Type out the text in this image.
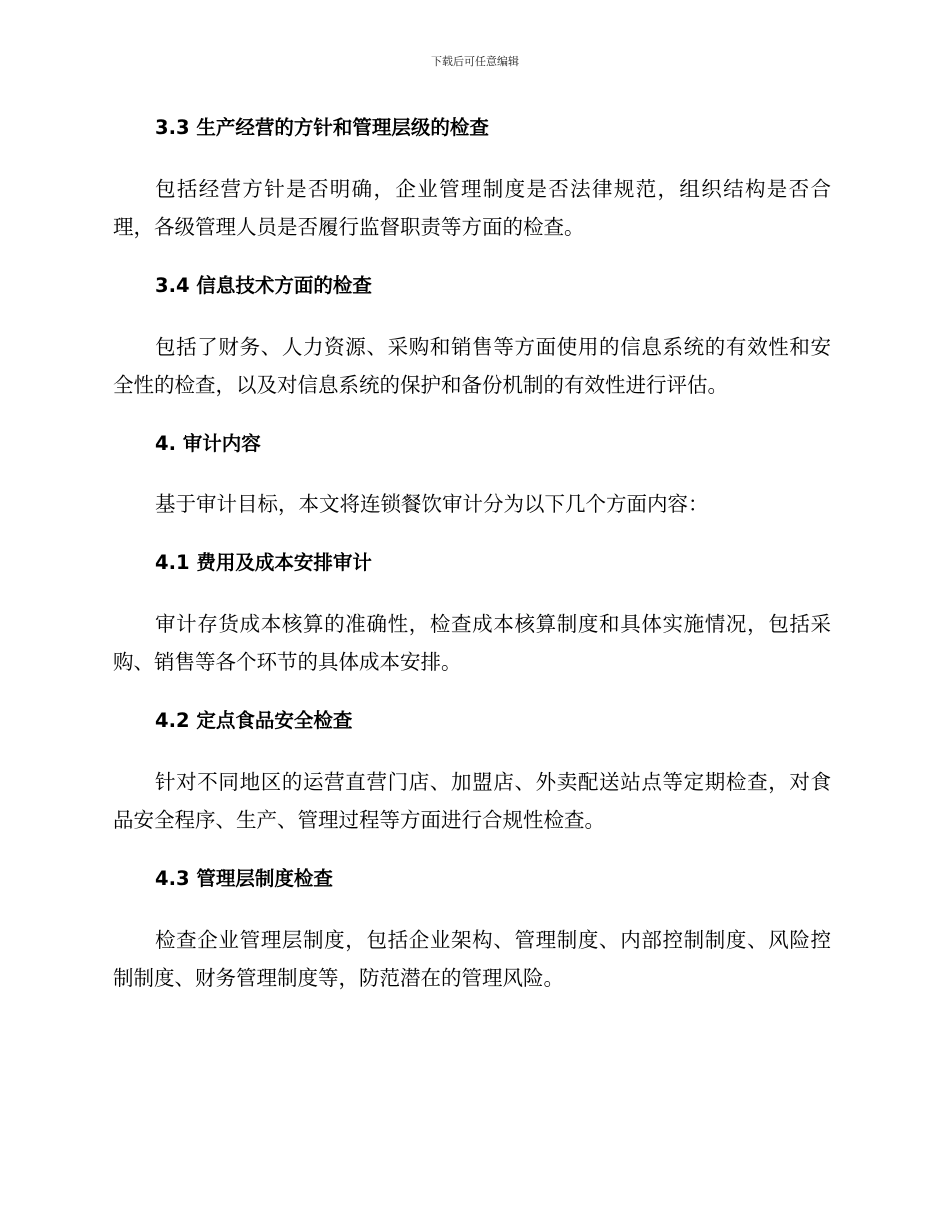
下载后可任意编辑
3.3 生产经营的方针和管理层级的检查

包括经营方针是否明确，企业管理制度是否法律规范，组织结构是否合理，各级管理人员是否履行监督职责等方面的检查。

3.4 信息技术方面的检查

包括了财务、人力资源、采购和销售等方面使用的信息系统的有效性和安全性的检查，以及对信息系统的保护和备份机制的有效性进行评估。

4. 审计内容

基于审计目标，本文将连锁餐饮审计分为以下几个方面内容：

4.1 费用及成本安排审计

审计存货成本核算的准确性，检查成本核算制度和具体实施情况，包括采购、销售等各个环节的具体成本安排。

4.2 定点食品安全检查

针对不同地区的运营直营门店、加盟店、外卖配送站点等定期检查，对食品安全程序、生产、管理过程等方面进行合规性检查。

4.3 管理层制度检查

检查企业管理层制度，包括企业架构、管理制度、内部控制制度、风险控制制度、财务管理制度等，防范潜在的管理风险。
